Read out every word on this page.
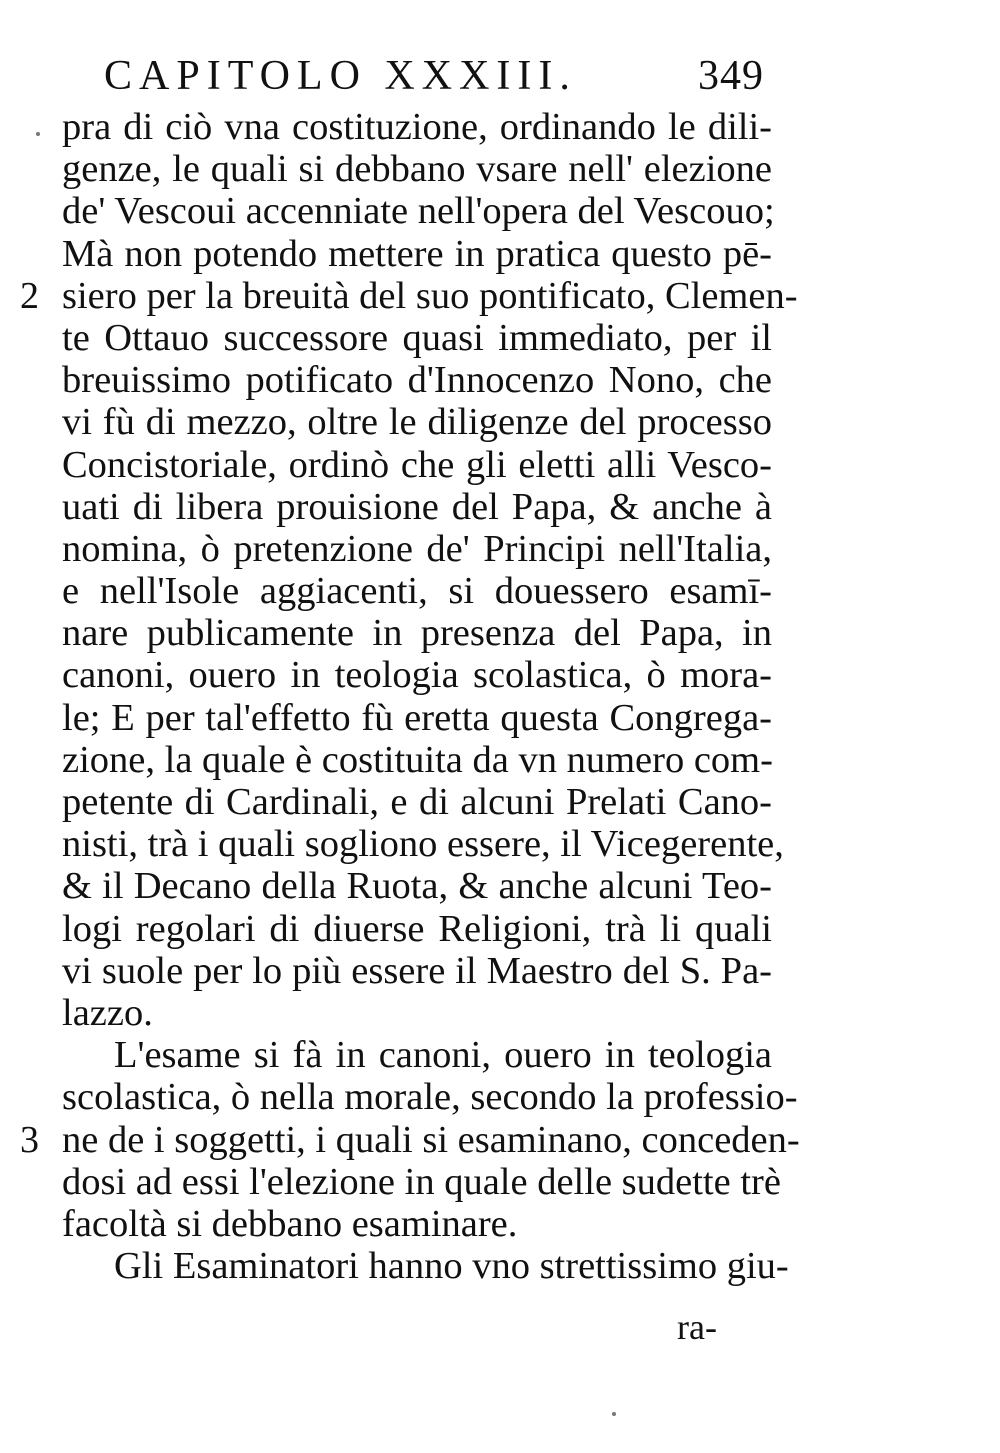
CAPITOLO XXXIII.	349
pra di ciò vna costituzione, ordinando le dili-
genze, le quali si debbano vsare nell' elezione
de' Vescoui accenniate nell'opera del Vescouo;
Mà non potendo mettere in pratica questo pē-
2 siero per la breuità del suo pontificato, Clemen-
te Ottauo successore quasi immediato, per il
breuissimo potificato d'Innocenzo Nono, che
vi fù di mezzo, oltre le diligenze del processo
Concistoriale, ordinò che gli eletti alli Vesco-
uati di libera prouisione del Papa, & anche à
nomina, ò pretenzione de' Principi nell'Italia,
e nell'Isole aggiacenti, si douessero esamī-
nare publicamente in presenza del Papa, in
canoni, ouero in teologia scolastica, ò mora-
le; E per tal'effetto fù eretta questa Congrega-
zione, la quale è costituita da vn numero com-
petente di Cardinali, e di alcuni Prelati Cano-
nisti, trà i quali sogliono essere, il Vicegerente,
& il Decano della Ruota, & anche alcuni Teo-
logi regolari di diuerse Religioni, trà li quali
vi suole per lo più essere il Maestro del S. Pa-
lazzo.
L'esame si fà in canoni, ouero in teologia
scolastica, ò nella morale, secondo la professio-
3 ne de i soggetti, i quali si esaminano, conceden-
dosi ad essi l'elezione in quale delle sudette trè
facoltà si debbano esaminare.
Gli Esaminatori hanno vno strettissimo giu-
ra-
